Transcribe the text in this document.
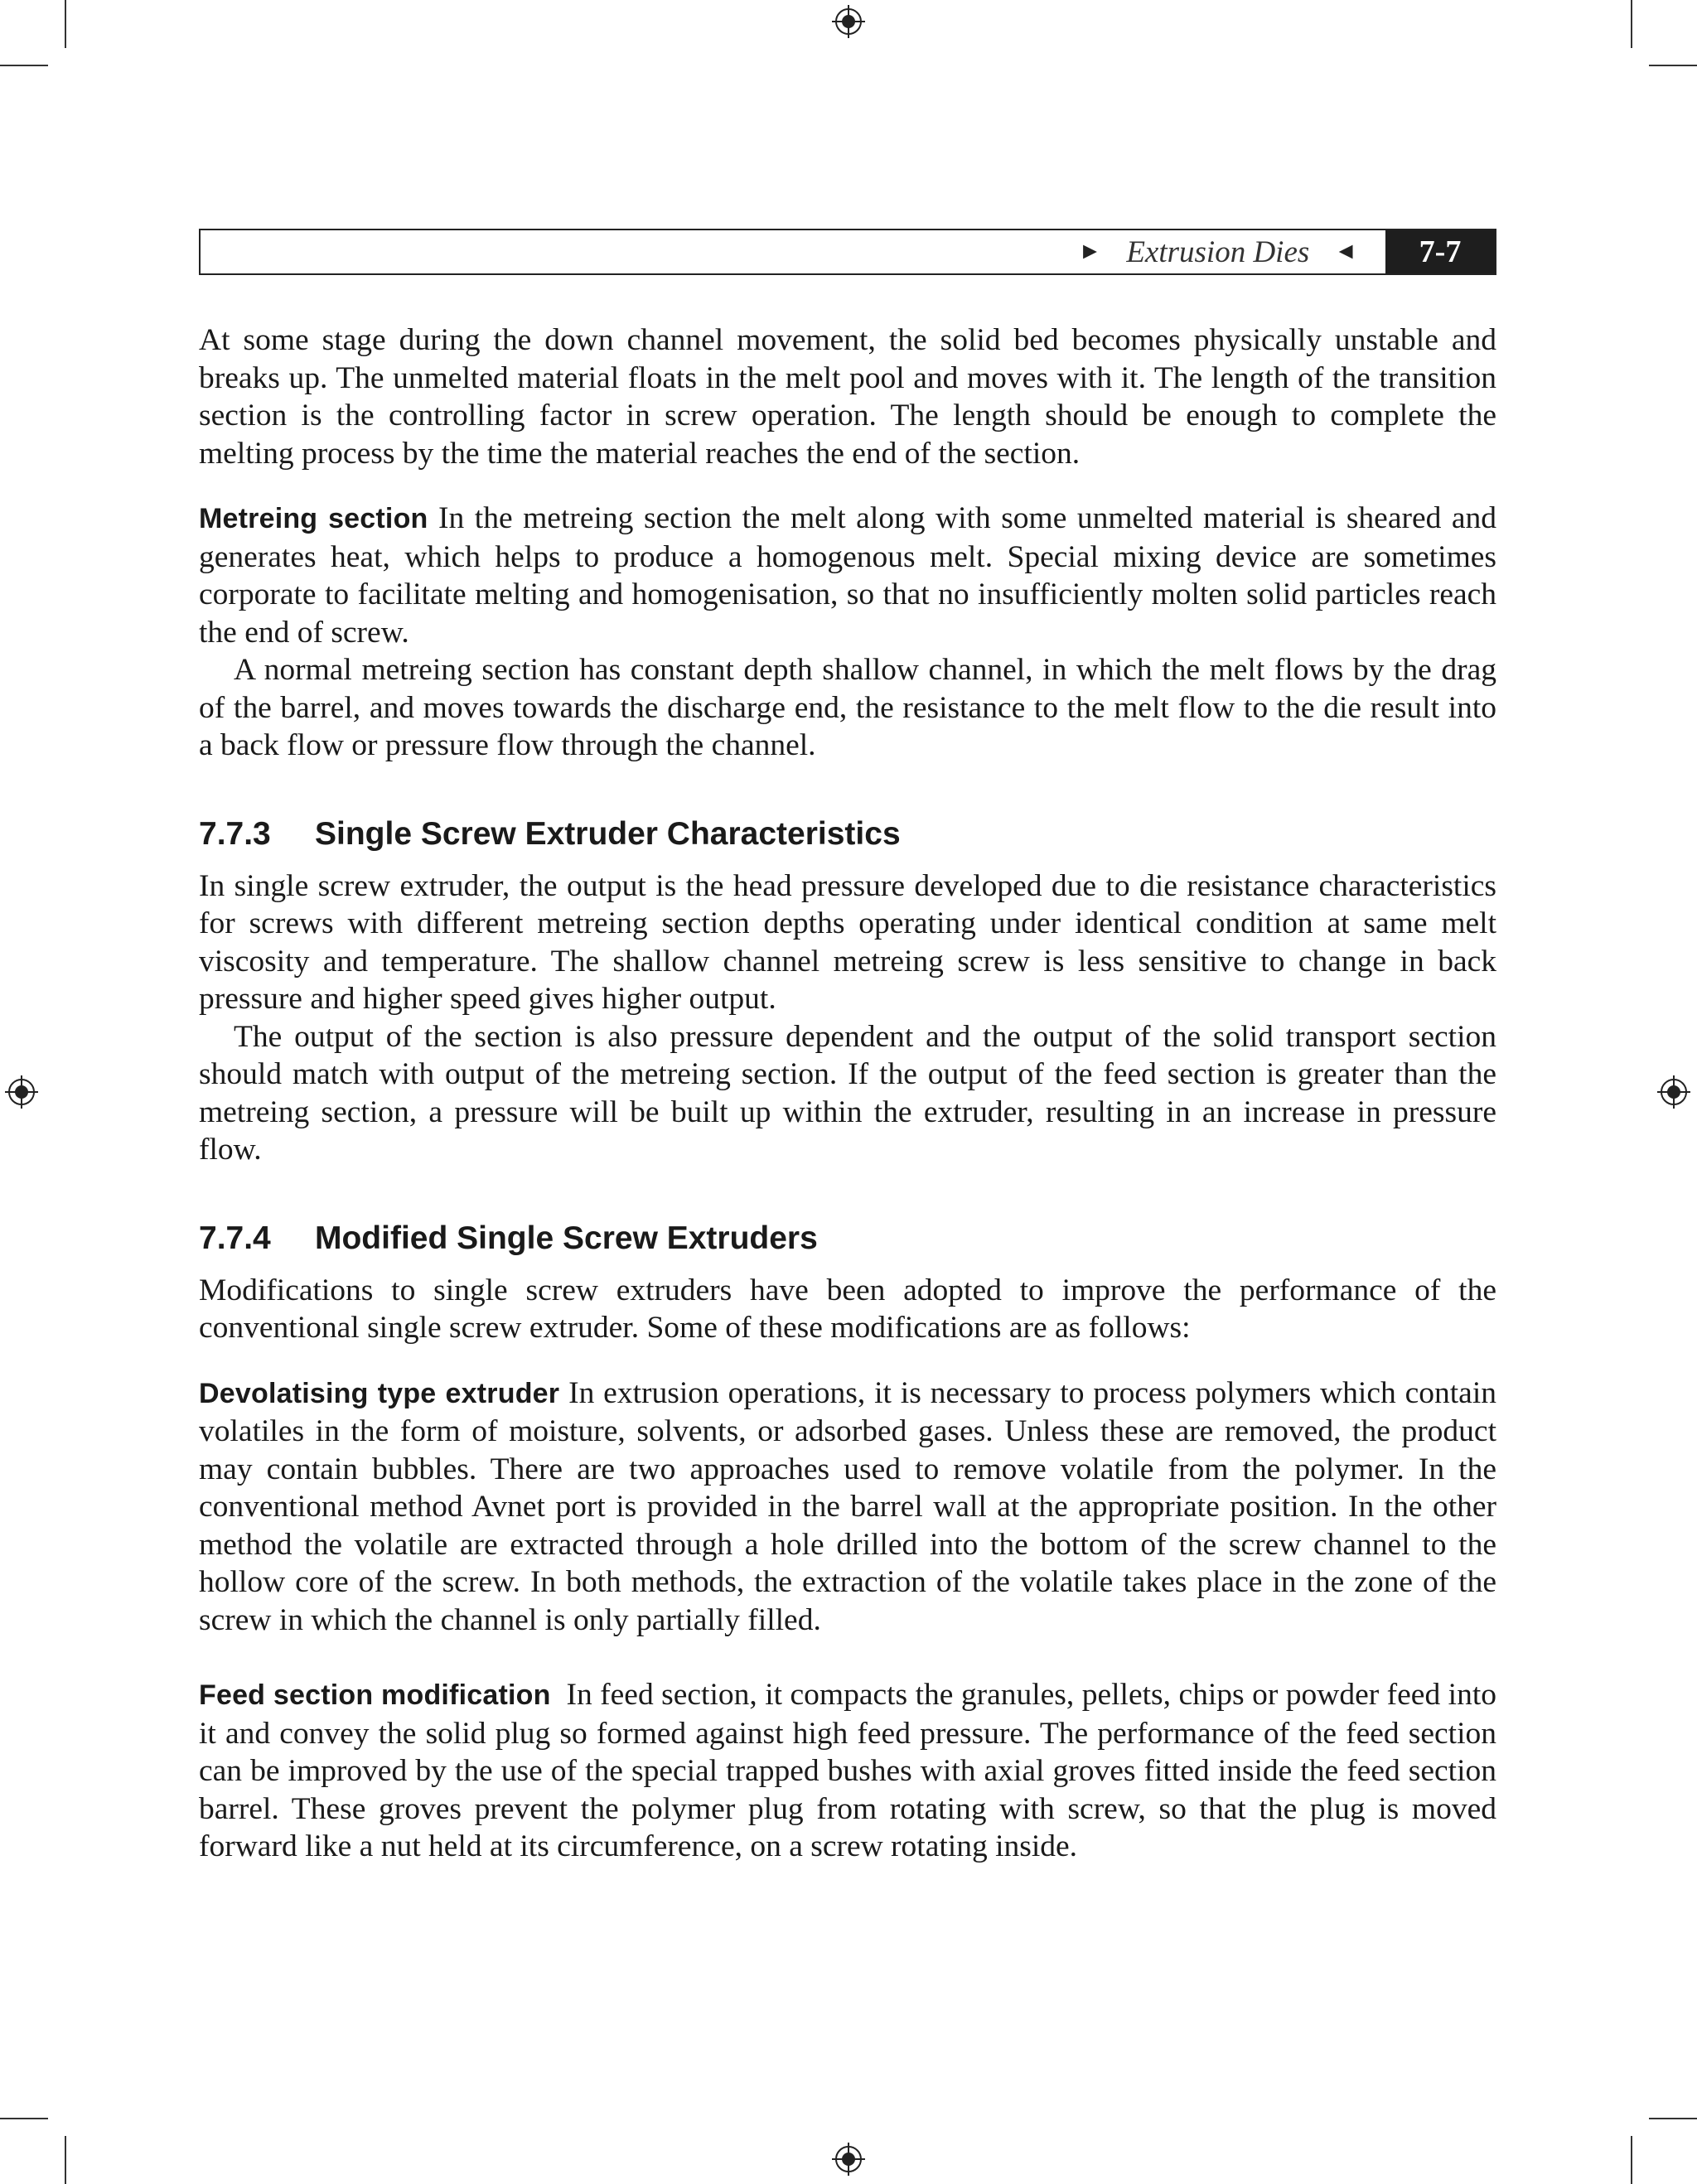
► Extrusion Dies ◄	7-7

At some stage during the down channel movement, the solid bed becomes physically unstable and breaks up. The unmelted material floats in the melt pool and moves with it. The length of the transition section is the controlling factor in screw operation. The length should be enough to complete the melting process by the time the material reaches the end of the section.

Metreing section In the metreing section the melt along with some unmelted material is sheared and generates heat, which helps to produce a homogenous melt. Special mixing device are sometimes corporate to facilitate melting and homogenisation, so that no insufficiently molten solid particles reach the end of screw.

A normal metreing section has constant depth shallow channel, in which the melt flows by the drag of the barrel, and moves towards the discharge end, the resistance to the melt flow to the die result into a back flow or pressure flow through the channel.

7.7.3 Single Screw Extruder Characteristics

In single screw extruder, the output is the head pressure developed due to die resistance characteristics for screws with different metreing section depths operating under identical condition at same melt viscosity and temperature. The shallow channel metreing screw is less sensitive to change in back pressure and higher speed gives higher output.

The output of the section is also pressure dependent and the output of the solid transport section should match with output of the metreing section. If the output of the feed section is greater than the metreing section, a pressure will be built up within the extruder, resulting in an increase in pressure flow.

7.7.4 Modified Single Screw Extruders

Modifications to single screw extruders have been adopted to improve the performance of the conventional single screw extruder. Some of these modifications are as follows:

Devolatising type extruder In extrusion operations, it is necessary to process polymers which contain volatiles in the form of moisture, solvents, or adsorbed gases. Unless these are removed, the product may contain bubbles. There are two approaches used to remove volatile from the polymer. In the conventional method Avnet port is provided in the barrel wall at the appropriate position. In the other method the volatile are extracted through a hole drilled into the bottom of the screw channel to the hollow core of the screw. In both methods, the extraction of the volatile takes place in the zone of the screw in which the channel is only partially filled.

Feed section modification In feed section, it compacts the granules, pellets, chips or powder feed into it and convey the solid plug so formed against high feed pressure. The performance of the feed section can be improved by the use of the special trapped bushes with axial groves fitted inside the feed section barrel. These groves prevent the polymer plug from rotating with screw, so that the plug is moved forward like a nut held at its circumference, on a screw rotating inside.
